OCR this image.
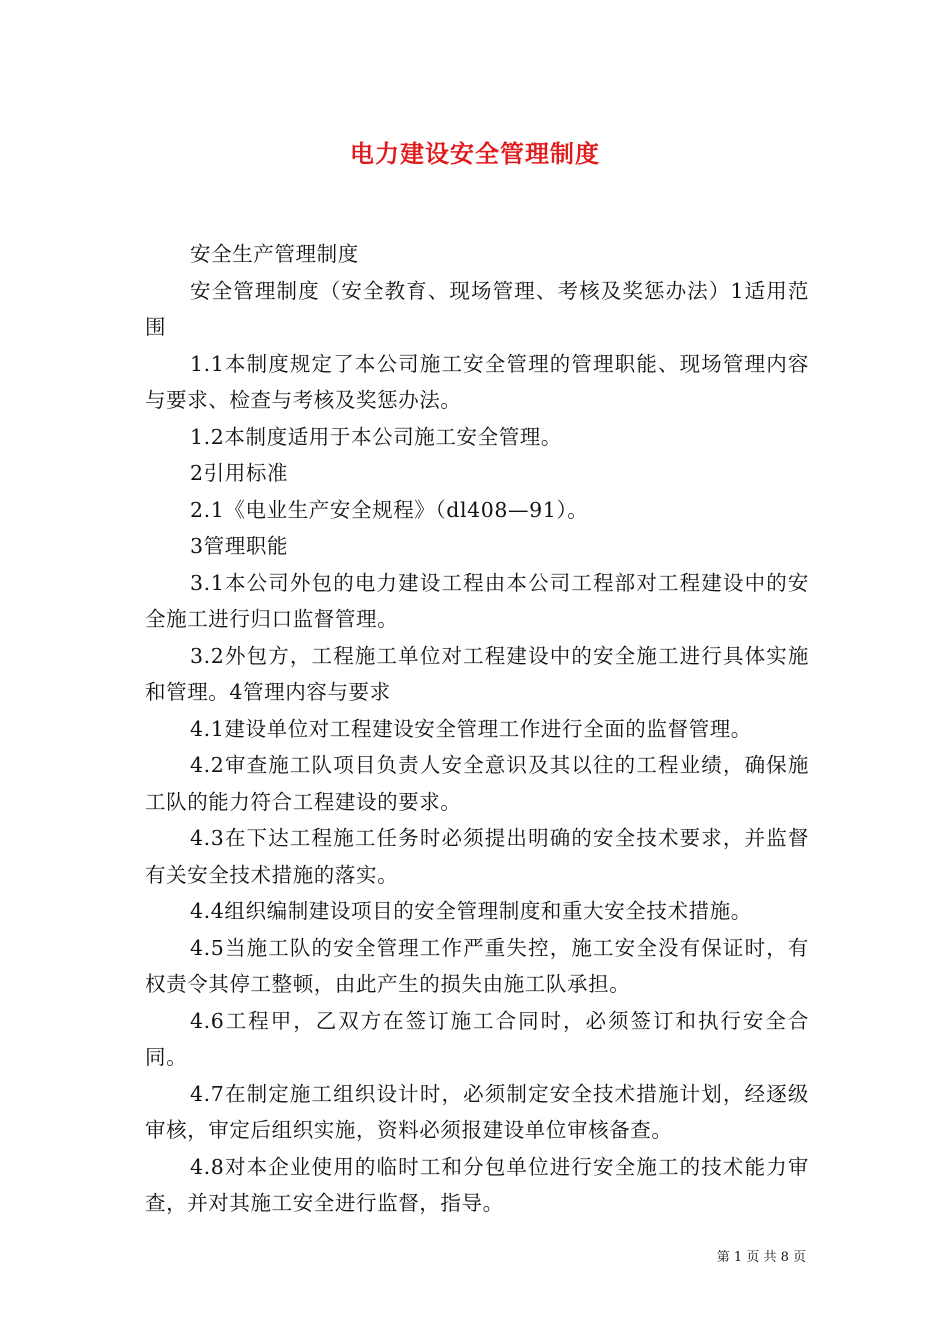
电力建设安全管理制度

安全生产管理制度

安全管理制度（安全教育、现场管理、考核及奖惩办法）1适用范围

1.1本制度规定了本公司施工安全管理的管理职能、现场管理内容与要求、检查与考核及奖惩办法。

1.2本制度适用于本公司施工安全管理。

2引用标准

2.1《电业生产安全规程》（dl408—91）。

3管理职能

3.1本公司外包的电力建设工程由本公司工程部对工程建设中的安全施工进行归口监督管理。

3.2外包方，工程施工单位对工程建设中的安全施工进行具体实施和管理。4管理内容与要求

4.1建设单位对工程建设安全管理工作进行全面的监督管理。

4.2审查施工队项目负责人安全意识及其以往的工程业绩，确保施工队的能力符合工程建设的要求。

4.3在下达工程施工任务时必须提出明确的安全技术要求，并监督有关安全技术措施的落实。

4.4组织编制建设项目的安全管理制度和重大安全技术措施。

4.5当施工队的安全管理工作严重失控，施工安全没有保证时，有权责令其停工整顿，由此产生的损失由施工队承担。

4.6工程甲，乙双方在签订施工合同时，必须签订和执行安全合同。

4.7在制定施工组织设计时，必须制定安全技术措施计划，经逐级审核，审定后组织实施，资料必须报建设单位审核备查。

4.8对本企业使用的临时工和分包单位进行安全施工的技术能力审查，并对其施工安全进行监督，指导。

第 1 页 共 8 页
